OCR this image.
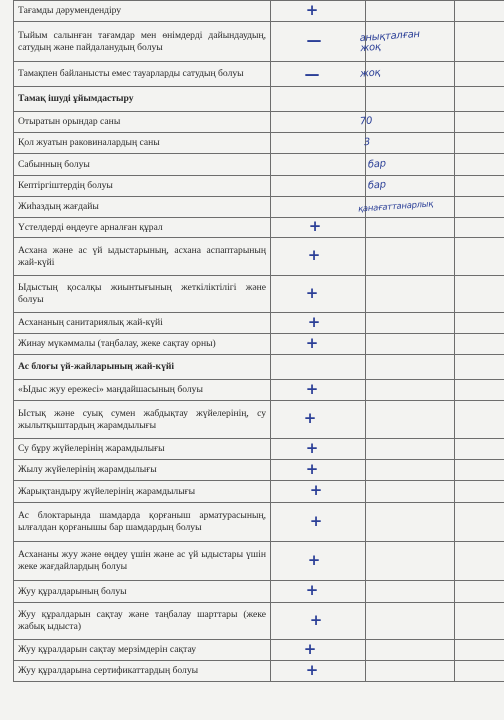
Тағамды дәрумендендіру	+	

Тыйым салынған тағамдар мен өнімдерді дайындаудың, сатудың және пайдаланудың болуы	—	анықталған
жоқ	

Тамақпен байланысты емес тауарларды сатудың болуы	—	жоқ	

Тамақ ішуді ұйымдастыру			
Отыратын орындар саны		70	

Қол жуатын раковиналардың саны		3	

Сабынның болуы		бар	

Кептіргіштердің болуы		бар	

Жиһаздың жағдайы		қанағаттанарлық	

Үстелдерді өңдеуге арналған құрал	+	

Асхана және ас үй ыдыстарының, асхана аспаптарының жай-күйі	+	

Ыдыстың қосалқы жиынтығының жеткіліктілігі және болуы	+	

Асхананың санитариялық жай-күйі	+	

Жинау мүкәммалы (таңбалау, жеке сақтау орны)	+	

Ас блоғы үй-жайларының жай-күйі			
«Ыдыс жуу ережесі» маңдайшасының болуы	+	

Ыстық және суық сумен жабдықтау жүйелерінің, су жылытқыштардың жарамдылығы	+	

Су бұру жүйелерінің жарамдылығы	+	

Жылу жүйелерінің жарамдылығы	+	

Жарықтандыру жүйелерінің жарамдылығы	+	

Ас блоктарында шамдарда қорғаныш арматурасының, ылғалдан қорғанышы бар шамдардың болуы	+	

Асхананы жуу және өңдеу үшін және ас үй ыдыстары үшін жеке жағдайлардың болуы	+	

Жуу құралдарының болуы	+	

Жуу құралдарын сақтау және таңбалау шарттары (жеке жабық ыдыста)	+	

Жуу құралдарын сақтау мерзімдерін сақтау	+	

Жуу құралдарына сертификаттардың болуы	+	
